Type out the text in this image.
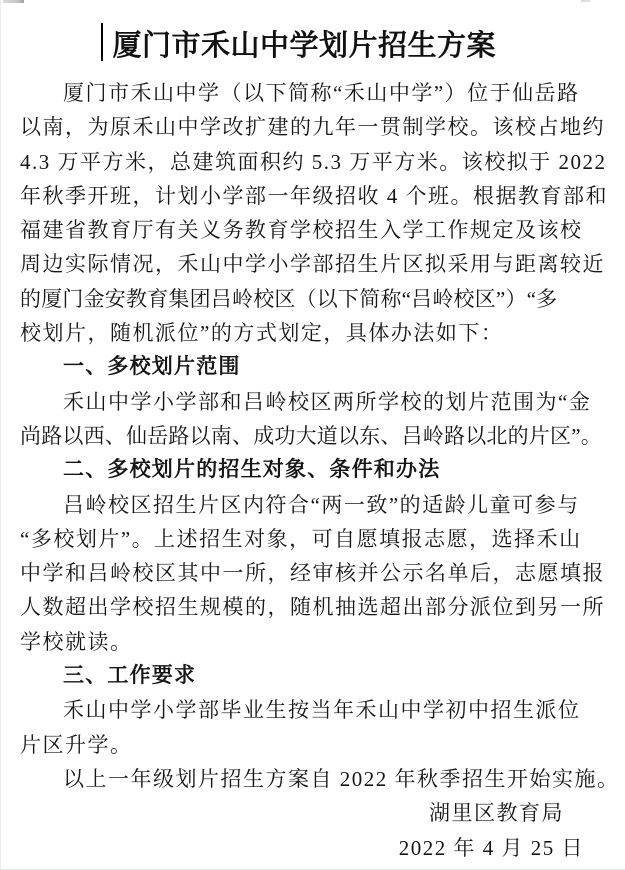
厦门市禾山中学划片招生方案
厦门市禾山中学（以下简称“禾山中学”）位于仙岳路
以南，为原禾山中学改扩建的九年一贯制学校。该校占地约
4.3 万平方米，总建筑面积约 5.3 万平方米。该校拟于 2022
年秋季开班，计划小学部一年级招收 4 个班。根据教育部和
福建省教育厅有关义务教育学校招生入学工作规定及该校
周边实际情况，禾山中学小学部招生片区拟采用与距离较近
的厦门金安教育集团吕岭校区（以下简称“吕岭校区”）“多
校划片，随机派位”的方式划定，具体办法如下：
一、多校划片范围
禾山中学小学部和吕岭校区两所学校的划片范围为“金
尚路以西、仙岳路以南、成功大道以东、吕岭路以北的片区”。
二、多校划片的招生对象、条件和办法
吕岭校区招生片区内符合“两一致”的适龄儿童可参与
“多校划片”。上述招生对象，可自愿填报志愿，选择禾山
中学和吕岭校区其中一所，经审核并公示名单后，志愿填报
人数超出学校招生规模的，随机抽选超出部分派位到另一所
学校就读。
三、工作要求
禾山中学小学部毕业生按当年禾山中学初中招生派位
片区升学。
以上一年级划片招生方案自 2022 年秋季招生开始实施。
湖里区教育局
2022 年 4 月 25 日
